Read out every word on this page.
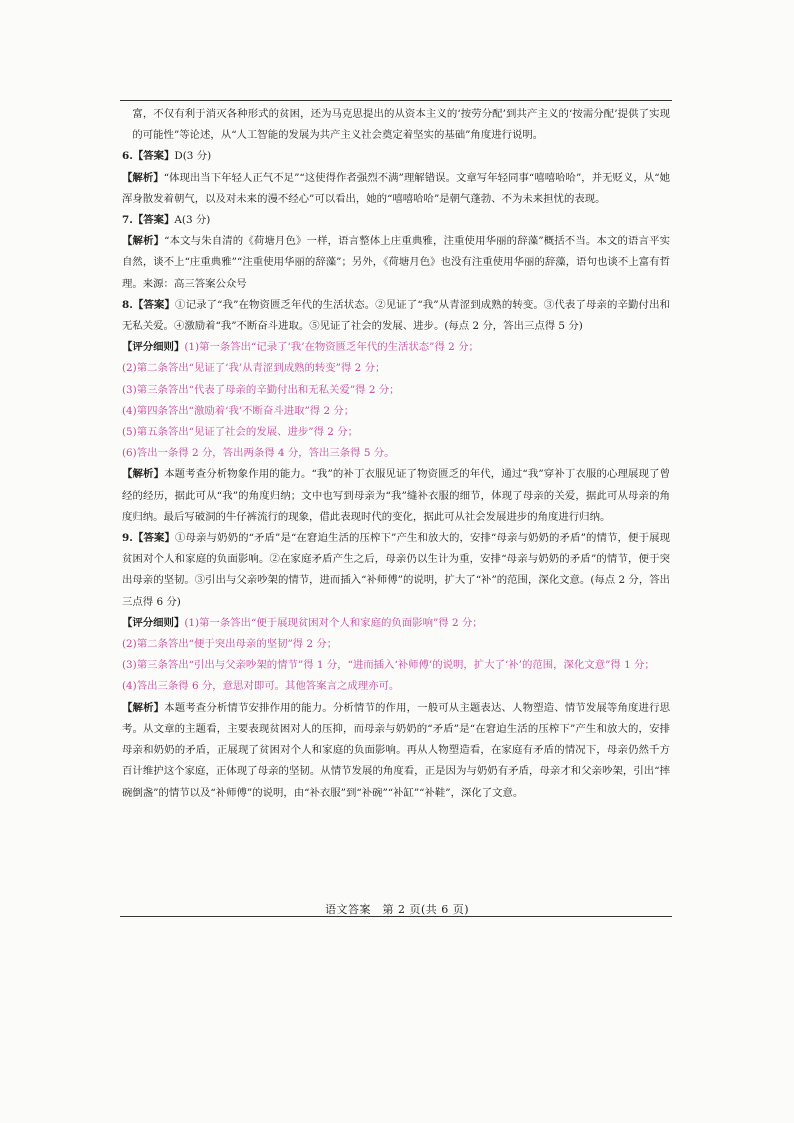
富，不仅有利于消灭各种形式的贫困，还为马克思提出的从资本主义的‘按劳分配’到共产主义的‘按需分配’提供了实现的可能性”等论述，从“人工智能的发展为共产主义社会奠定着坚实的基础”角度进行说明。

6.【答案】D(3 分)

【解析】“体现出当下年轻人正气不足”“这使得作者强烈不满”理解错误。文章写年轻同事“嘻嘻哈哈”，并无贬义，从“她浑身散发着朝气，以及对未来的漫不经心”可以看出，她的“嘻嘻哈哈”是朝气蓬勃、不为未来担忧的表现。

7.【答案】A(3 分)

【解析】“本文与朱自清的《荷塘月色》一样，语言整体上庄重典雅，注重使用华丽的辞藻”概括不当。本文的语言平实自然，谈不上“庄重典雅”“注重使用华丽的辞藻”；另外，《荷塘月色》也没有注重使用华丽的辞藻，语句也谈不上富有哲理。来源：高三答案公众号

8.【答案】①记录了“我”在物资匮乏年代的生活状态。②见证了“我”从青涩到成熟的转变。③代表了母亲的辛勤付出和无私关爱。④激励着“我”不断奋斗进取。⑤见证了社会的发展、进步。(每点 2 分，答出三点得 5 分)

【评分细则】(1)第一条答出“记录了‘我’在物资匮乏年代的生活状态”得 2 分；

(2)第二条答出“见证了‘我’从青涩到成熟的转变”得 2 分；

(3)第三条答出“代表了母亲的辛勤付出和无私关爱”得 2 分；

(4)第四条答出“激励着‘我’不断奋斗进取”得 2 分；

(5)第五条答出“见证了社会的发展、进步”得 2 分；

(6)答出一条得 2 分，答出两条得 4 分，答出三条得 5 分。

【解析】本题考查分析物象作用的能力。“我”的补丁衣服见证了物资匮乏的年代，通过“我”穿补丁衣服的心理展现了曾经的经历，据此可从“我”的角度归纳；文中也写到母亲为“我”缝补衣服的细节，体现了母亲的关爱，据此可从母亲的角度归纳。最后写破洞的牛仔裤流行的现象，借此表现时代的变化，据此可从社会发展进步的角度进行归纳。

9.【答案】①母亲与奶奶的“矛盾”是“在窘迫生活的压榨下”产生和放大的，安排“母亲与奶奶的矛盾”的情节，便于展现贫困对个人和家庭的负面影响。②在家庭矛盾产生之后，母亲仍以生计为重，安排“母亲与奶奶的矛盾”的情节，便于突出母亲的坚韧。③引出与父亲吵架的情节，进而插入“补师傅”的说明，扩大了“补”的范围，深化文意。(每点 2 分，答出三点得 6 分)

【评分细则】(1)第一条答出“便于展现贫困对个人和家庭的负面影响”得 2 分；

(2)第二条答出“便于突出母亲的坚韧”得 2 分；

(3)第三条答出“引出与父亲吵架的情节”得 1 分，“进而插入‘补师傅’的说明，扩大了‘补’的范围，深化文意”得 1 分；

(4)答出三条得 6 分，意思对即可。其他答案言之成理亦可。

【解析】本题考查分析情节安排作用的能力。分析情节的作用，一般可从主题表达、人物塑造、情节发展等角度进行思考。从文章的主题看，主要表现贫困对人的压抑，而母亲与奶奶的“矛盾”是“在窘迫生活的压榨下”产生和放大的，安排母亲和奶奶的矛盾，正展现了贫困对个人和家庭的负面影响。再从人物塑造看，在家庭有矛盾的情况下，母亲仍然千方百计维护这个家庭，正体现了母亲的坚韧。从情节发展的角度看，正是因为与奶奶有矛盾，母亲才和父亲吵架，引出“摔碗倒盏”的情节以及“补师傅”的说明，由“补衣服”到“补碗”“补缸”“补鞋”，深化了文意。

语文答案　第 2 页(共 6 页)
